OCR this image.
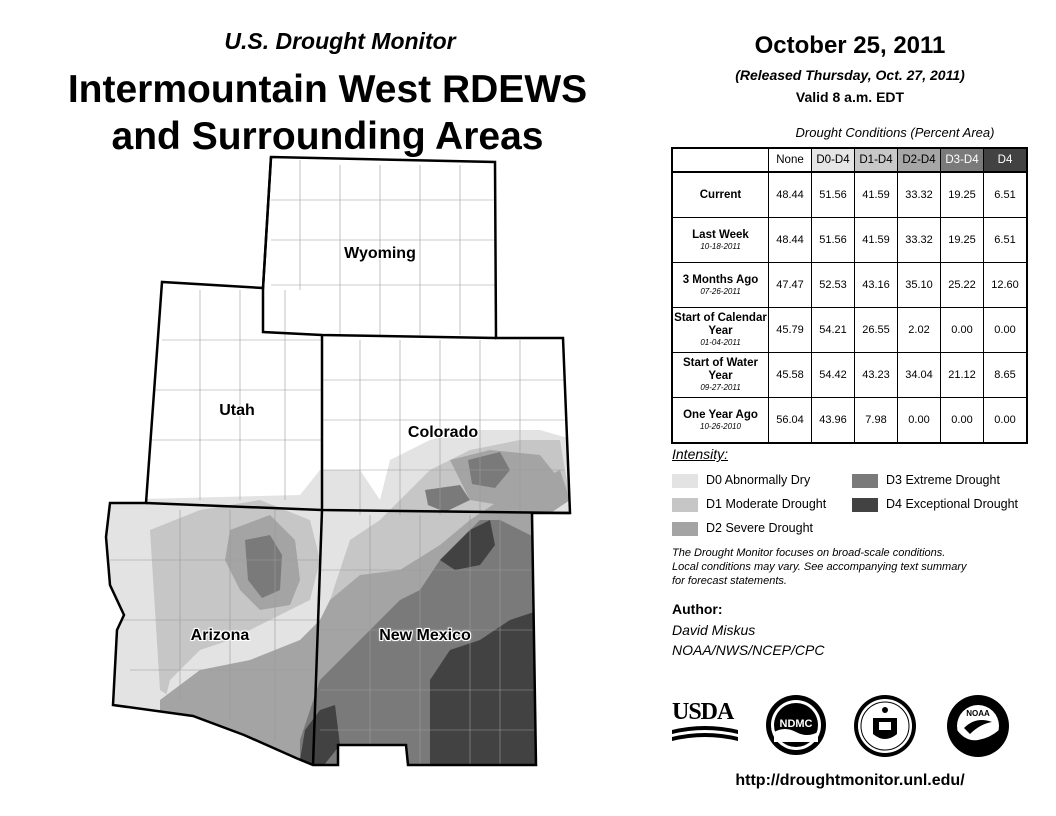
U.S. Drought Monitor
Intermountain West RDEWS
and Surrounding Areas
Wyoming
Utah
Colorado
Arizona	New Mexico
October 25, 2011
(Released Thursday, Oct. 27, 2011)
Valid 8 a.m. EDT
Drought Conditions (Percent Area)
	None	D0-D4	D1-D4	D2-D4	D3-D4	D4
Current	48.44	51.56	41.59	33.32	19.25	6.51
Last Week
10-18-2011	48.44	51.56	41.59	33.32	19.25	6.51
3 Months Ago
07-26-2011	47.47	52.53	43.16	35.10	25.22	12.60
Start of Calendar Year
01-04-2011	45.79	54.21	26.55	2.02	0.00	0.00
Start of Water Year
09-27-2011	45.58	54.42	43.23	34.04	21.12	8.65
One Year Ago
10-26-2010	56.04	43.96	7.98	0.00	0.00	0.00
Intensity:
D0 Abnormally Dry
D1 Moderate Drought
D2 Severe Drought
D3 Extreme Drought
D4 Exceptional Drought
The Drought Monitor focuses on broad-scale conditions.
Local conditions may vary. See accompanying text summary
for forecast statements.
Author:
David Miskus
NOAA/NWS/NCEP/CPC
USDA	NDMC
NOAA
http://droughtmonitor.unl.edu/
